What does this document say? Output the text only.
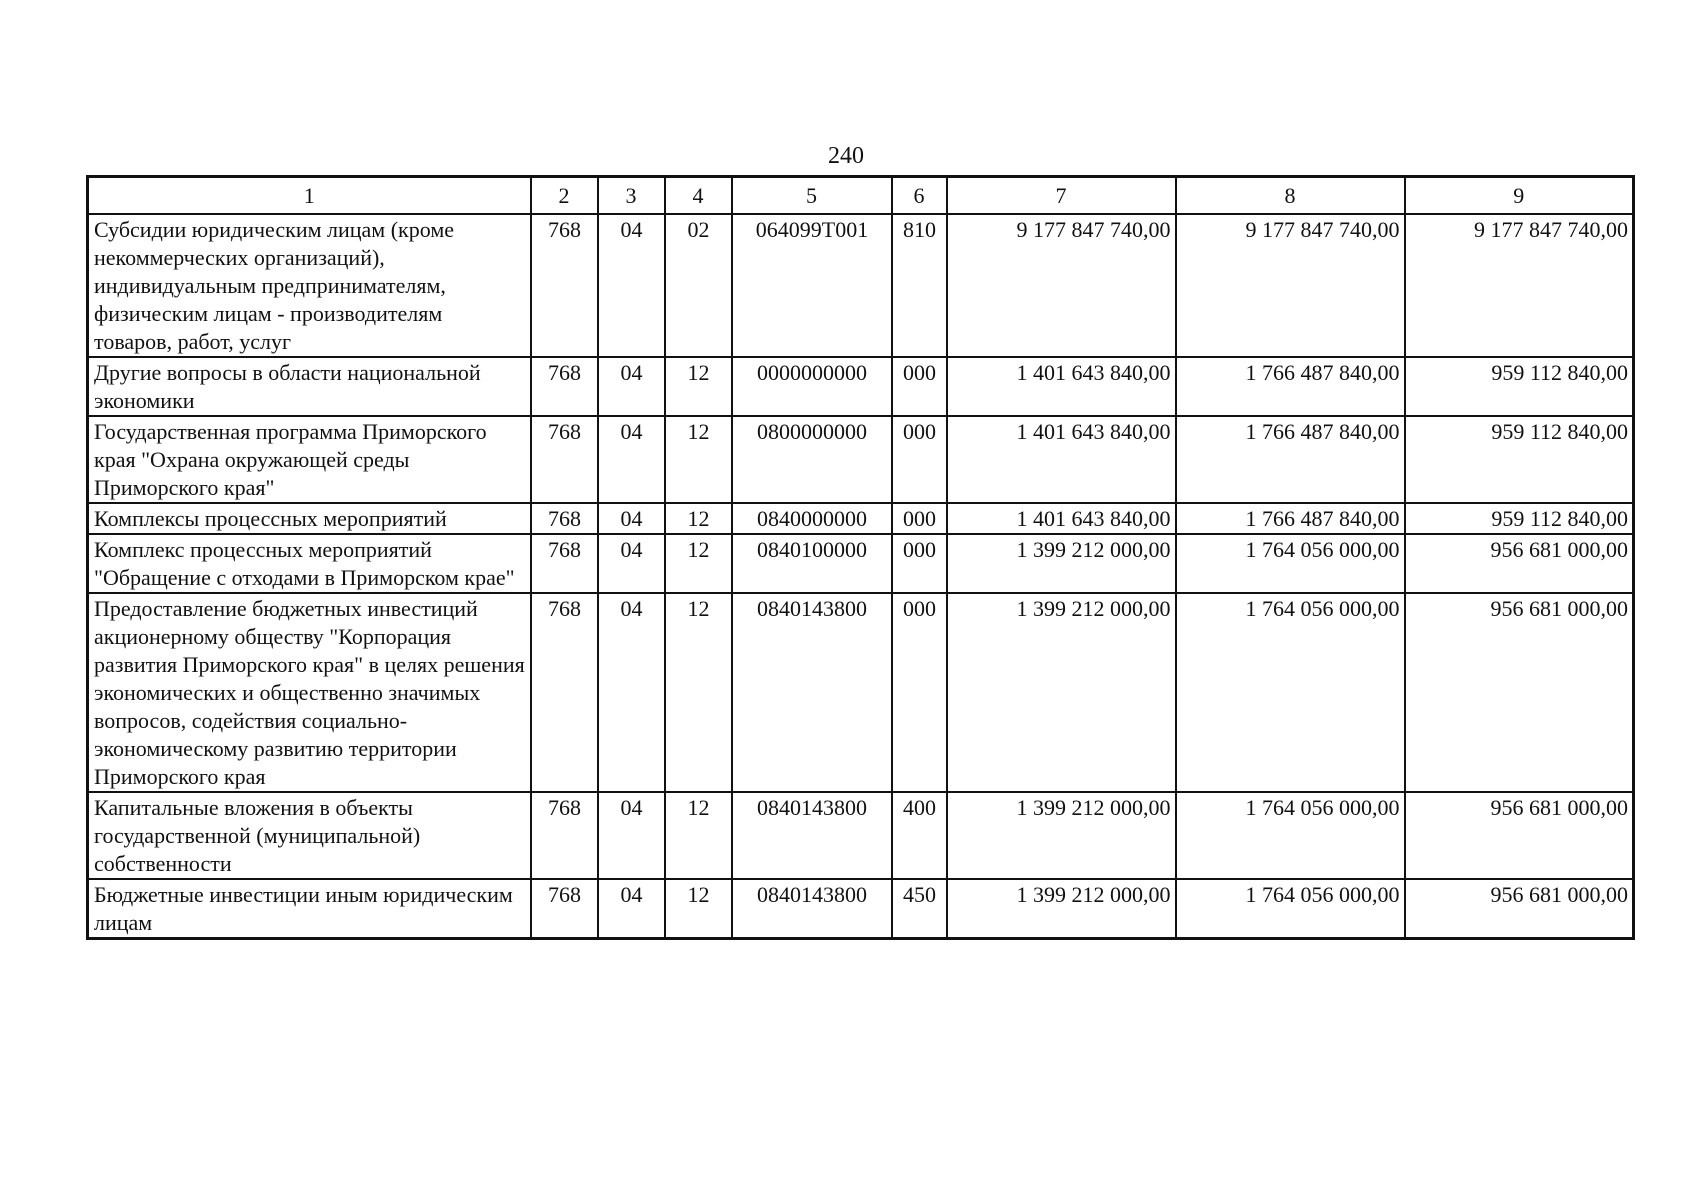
240
1	2	3	4	5	6	7	8	9
Субсидии юридическим лицам (кроме некоммерческих организаций), индивидуальным предпринимателям, физическим лицам - производителям товаров, работ, услуг	768	04	02	064099Т001	810	9 177 847 740,00	9 177 847 740,00	9 177 847 740,00
Другие вопросы в области национальной экономики	768	04	12	0000000000	000	1 401 643 840,00	1 766 487 840,00	959 112 840,00
Государственная программа Приморского края "Охрана окружающей среды Приморского края"	768	04	12	0800000000	000	1 401 643 840,00	1 766 487 840,00	959 112 840,00
Комплексы процессных мероприятий	768	04	12	0840000000	000	1 401 643 840,00	1 766 487 840,00	959 112 840,00
Комплекс процессных мероприятий "Обращение с отходами в Приморском крае"	768	04	12	0840100000	000	1 399 212 000,00	1 764 056 000,00	956 681 000,00
Предоставление бюджетных инвестиций акционерному обществу "Корпорация развития Приморского края" в целях решения экономических и общественно значимых вопросов, содействия социально-экономическому развитию территории Приморского края	768	04	12	0840143800	000	1 399 212 000,00	1 764 056 000,00	956 681 000,00
Капитальные вложения в объекты государственной (муниципальной) собственности	768	04	12	0840143800	400	1 399 212 000,00	1 764 056 000,00	956 681 000,00
Бюджетные инвестиции иным юридическим лицам	768	04	12	0840143800	450	1 399 212 000,00	1 764 056 000,00	956 681 000,00
